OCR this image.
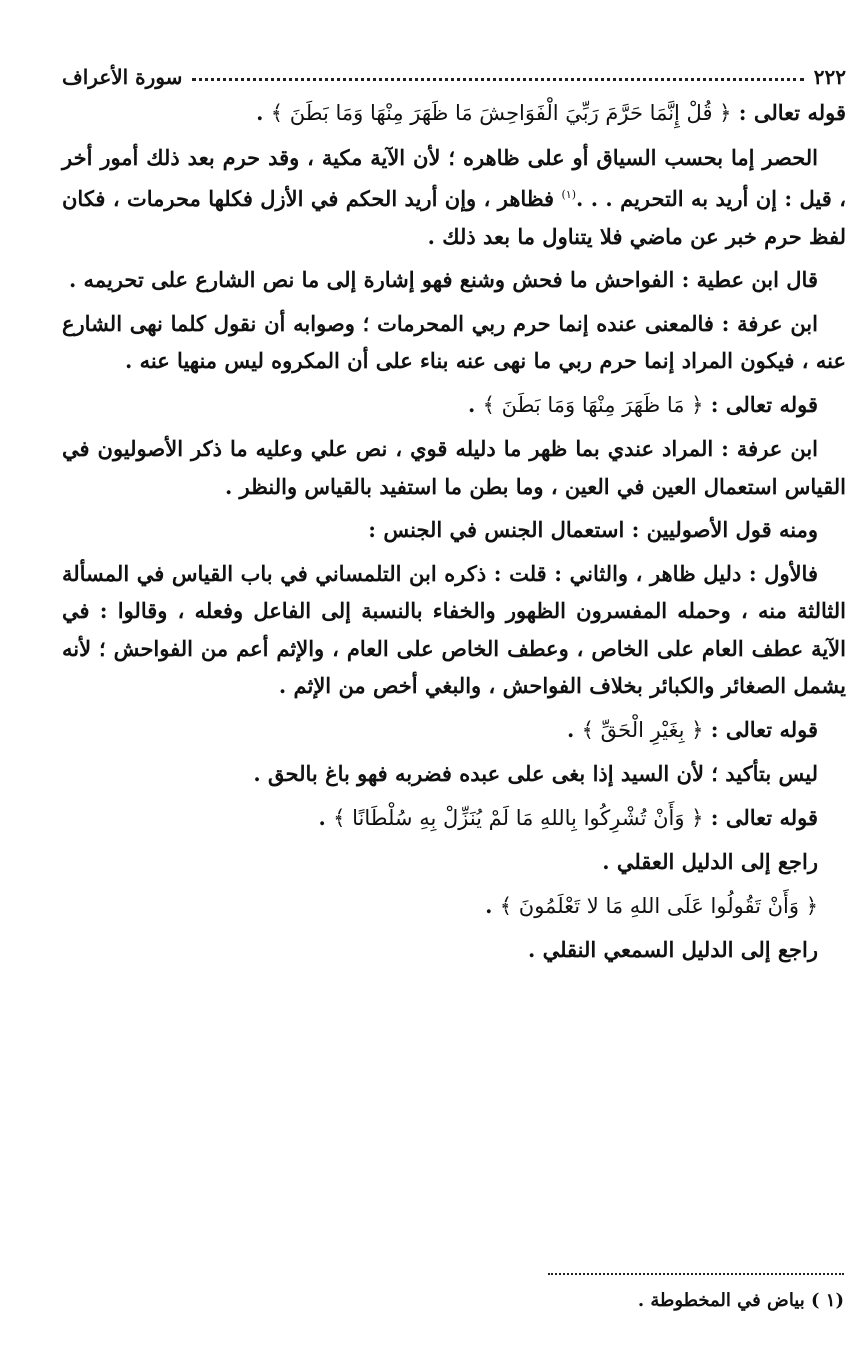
٢٢٢
سورة الأعراف

قوله تعالى : ﴿ قُلْ إِنَّمَا حَرَّمَ رَبِّيَ الْفَوَاحِشَ مَا ظَهَرَ مِنْهَا وَمَا بَطَنَ ﴾ .

الحصر إما بحسب السياق أو على ظاهره ؛ لأن الآية مكية ، وقد حرم بعد ذلك أمور أخر ، قيل : إن أريد به التحريم . . .$^{(١)}$ فظاهر ، وإن أريد الحكم في الأزل فكلها محرمات ، فكان لفظ حرم خبر عن ماضي فلا يتناول ما بعد ذلك .

قال ابن عطية : الفواحش ما فحش وشنع فهو إشارة إلى ما نص الشارع على تحريمه .

ابن عرفة : فالمعنى عنده إنما حرم ربي المحرمات ؛ وصوابه أن نقول كلما نهى الشارع عنه ، فيكون المراد إنما حرم ربي ما نهى عنه بناء على أن المكروه ليس منهيا عنه .

قوله تعالى : ﴿ مَا ظَهَرَ مِنْهَا وَمَا بَطَنَ ﴾ .

ابن عرفة : المراد عندي بما ظهر ما دليله قوي ، نص علي وعليه ما ذكر الأصوليون في القياس استعمال العين في العين ، وما بطن ما استفيد بالقياس والنظر .

ومنه قول الأصوليين : استعمال الجنس في الجنس :

فالأول : دليل ظاهر ، والثاني : قلت : ذكره ابن التلمساني في باب القياس في المسألة الثالثة منه ، وحمله المفسرون الظهور والخفاء بالنسبة إلى الفاعل وفعله ، وقالوا : في الآية عطف العام على الخاص ، وعطف الخاص على العام ، والإثم أعم من الفواحش ؛ لأنه يشمل الصغائر والكبائر بخلاف الفواحش ، والبغي أخص من الإثم .

قوله تعالى : ﴿ بِغَيْرِ الْحَقِّ ﴾ .

ليس بتأكيد ؛ لأن السيد إذا بغى على عبده فضربه فهو باغ بالحق .

قوله تعالى : ﴿ وَأَنْ تُشْرِكُوا بِاللهِ مَا لَمْ يُنَزِّلْ بِهِ سُلْطَانًا ﴾ .

راجع إلى الدليل العقلي .

﴿ وَأَنْ تَقُولُوا عَلَى اللهِ مَا لا تَعْلَمُونَ ﴾ .

راجع إلى الدليل السمعي النقلي .

(١ ) بياض في المخطوطة .
